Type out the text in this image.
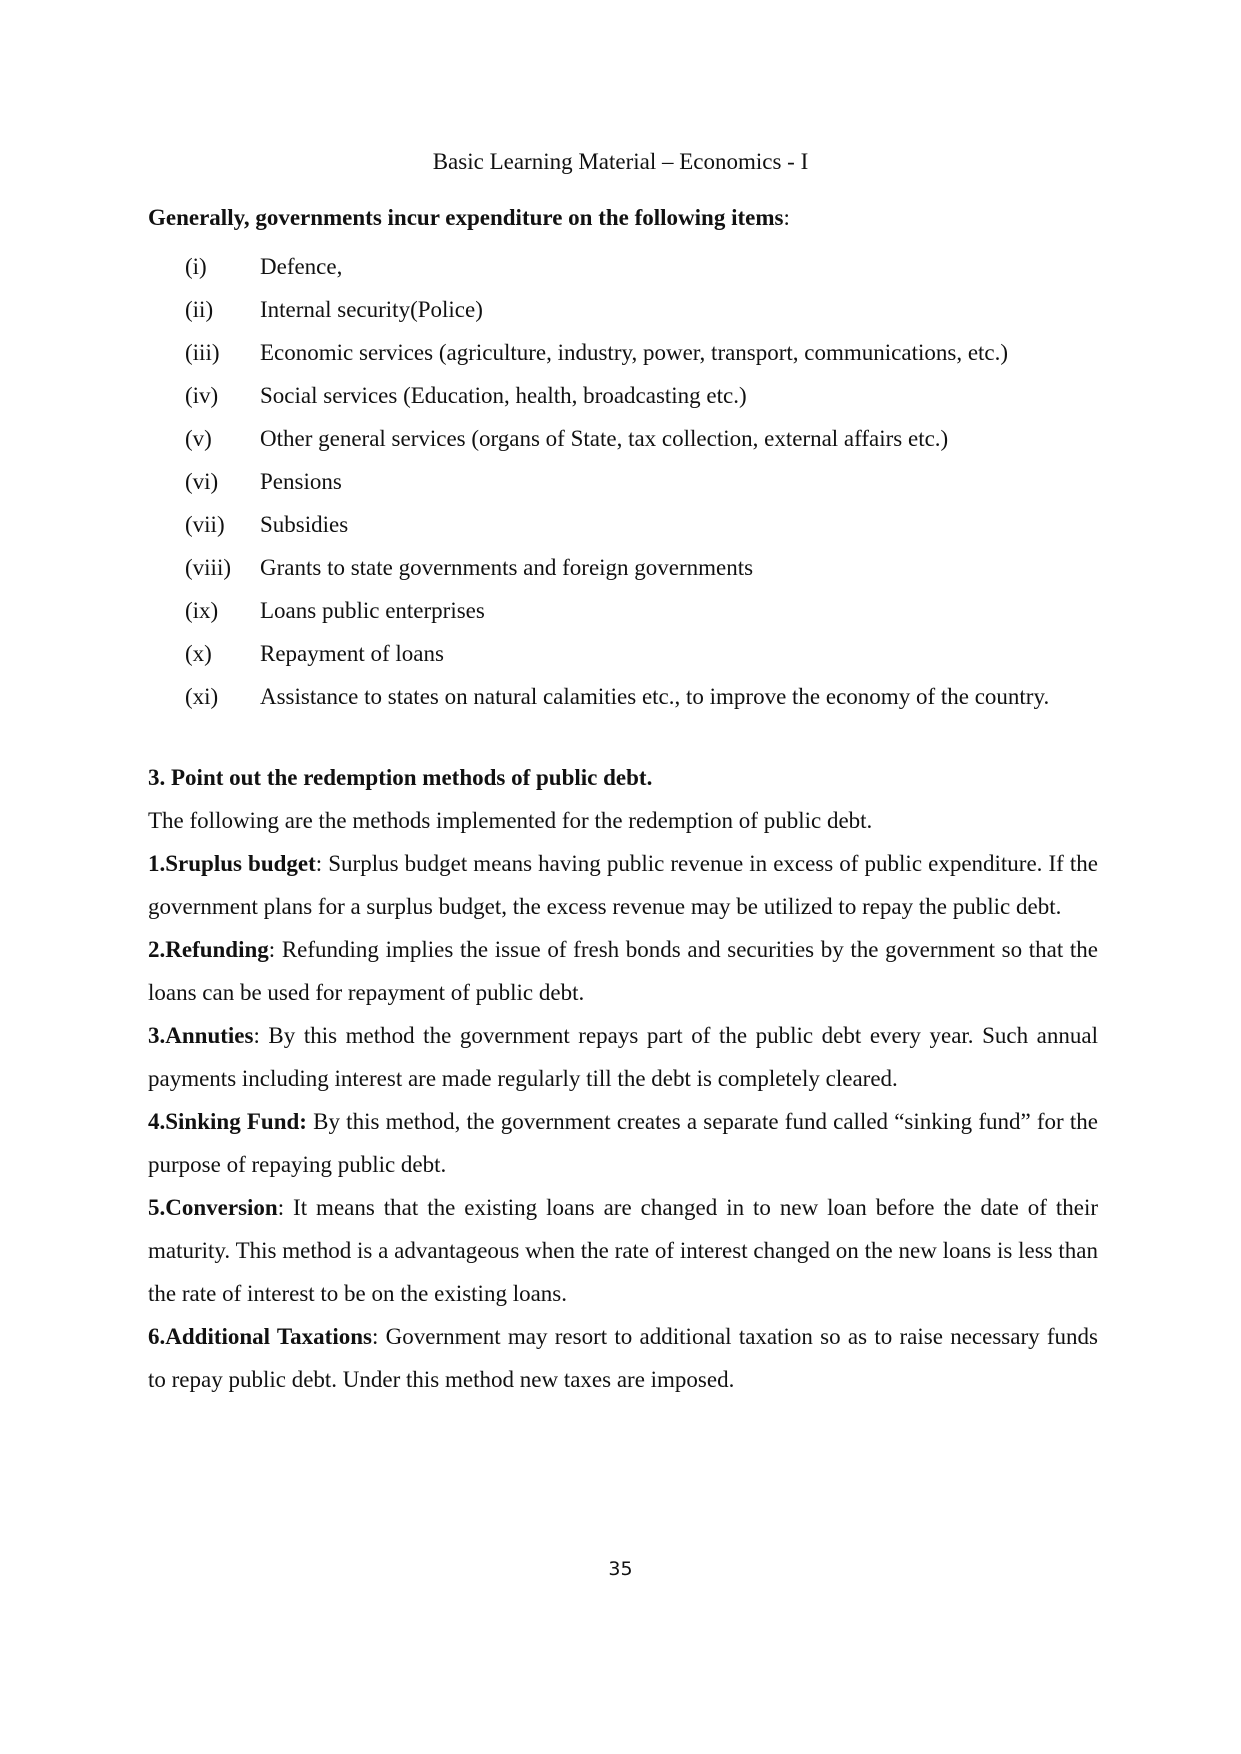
Basic Learning Material – Economics - I

Generally, governments incur expenditure on the following items:

(i)	Defence,
(ii)	Internal security(Police)
(iii) Economic services (agriculture, industry, power, transport, communications, etc.)
(iv) Social services (Education, health, broadcasting etc.)
(v)	Other general services (organs of State, tax collection, external affairs etc.)
(vi) Pensions
(vii) Subsidies
(viii) Grants to state governments and foreign governments
(ix) Loans public enterprises
(x)	Repayment of loans
(xi) Assistance to states on natural calamities etc., to improve the economy of the country.

3. Point out the redemption methods of public debt.

The following are the methods implemented for the redemption of public debt.

1.Sruplus budget: Surplus budget means having public revenue in excess of public expenditure. If the government plans for a surplus budget, the excess revenue may be utilized to repay the public debt.

2.Refunding: Refunding implies the issue of fresh bonds and securities by the government so that the loans can be used for repayment of public debt.

3.Annuties: By this method the government repays part of the public debt every year. Such annual payments including interest are made regularly till the debt is completely cleared.

4.Sinking Fund: By this method, the government creates a separate fund called “sinking fund” for the purpose of repaying public debt.

5.Conversion: It means that the existing loans are changed in to new loan before the date of their maturity. This method is a advantageous when the rate of interest changed on the new loans is less than the rate of interest to be on the existing loans.

6.Additional Taxations: Government may resort to additional taxation so as to raise necessary funds to repay public debt. Under this method new taxes are imposed.

35
